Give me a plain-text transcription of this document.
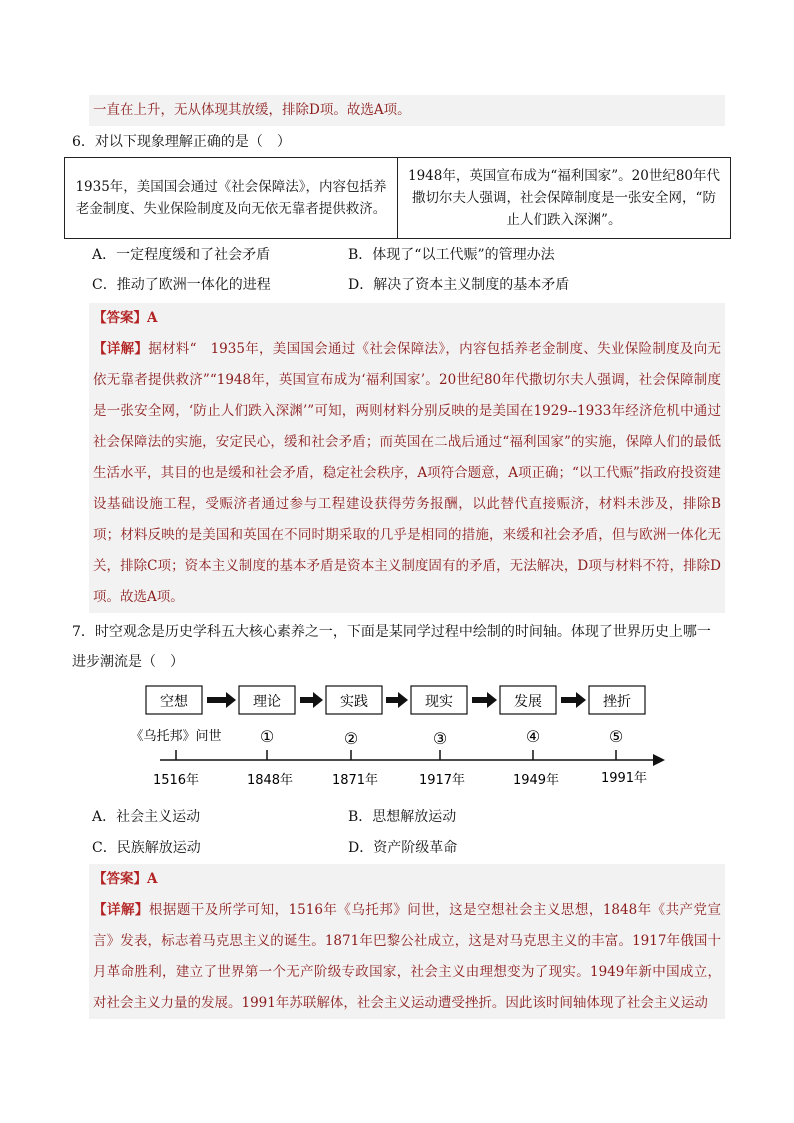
一直在上升，无从体现其放缓，排除D项。故选A项。
6．对以下现象理解正确的是（　）
1935年，美国国会通过《社会保障法》，内容包括养老金制度、失业保险制度及向无依无靠者提供救济。	1948年，英国宣布成为“福利国家”。20世纪80年代撒切尔夫人强调，社会保障制度是一张安全网，“防止人们跌入深渊”。
A．一定程度缓和了社会矛盾	B．体现了“以工代赈”的管理办法
C．推动了欧洲一体化的进程	D．解决了资本主义制度的基本矛盾
【答案】A
【详解】据材料“　1935年，美国国会通过《社会保障法》，内容包括养老金制度、失业保险制度及向无依无靠者提供救济”“1948年，英国宣布成为‘福利国家’。20世纪80年代撒切尔夫人强调，社会保障制度是一张安全网，‘防止人们跌入深渊’”可知，两则材料分别反映的是美国在1929--1933年经济危机中通过社会保障法的实施，安定民心，缓和社会矛盾；而英国在二战后通过“福利国家”的实施，保障人们的最低生活水平，其目的也是缓和社会矛盾，稳定社会秩序，A项符合题意，A项正确；“以工代赈”指政府投资建设基础设施工程，受赈济者通过参与工程建设获得劳务报酬，以此替代直接赈济，材料未涉及，排除B项；材料反映的是美国和英国在不同时期采取的几乎是相同的措施，来缓和社会矛盾，但与欧洲一体化无关，排除C项；资本主义制度的基本矛盾是资本主义制度固有的矛盾，无法解决，D项与材料不符，排除D项。故选A项。
7．时空观念是历史学科五大核心素养之一，下面是某同学过程中绘制的时间轴。体现了世界历史上哪一进步潮流是（　）
空想	理论	实践	现实	发展	挫折
《乌托邦》问世 ①	②	③	④	⑤
1516年	1848年	1871年	1917年	1949年	1991年
A．社会主义运动	B．思想解放运动
C．民族解放运动	D．资产阶级革命
【答案】A
【详解】根据题干及所学可知，1516年《乌托邦》问世，这是空想社会主义思想，1848年《共产党宣言》发表，标志着马克思主义的诞生。1871年巴黎公社成立，这是对马克思主义的丰富。1917年俄国十月革命胜利，建立了世界第一个无产阶级专政国家，社会主义由理想变为了现实。1949年新中国成立，对社会主义力量的发展。1991年苏联解体，社会主义运动遭受挫折。因此该时间轴体现了社会主义运动
